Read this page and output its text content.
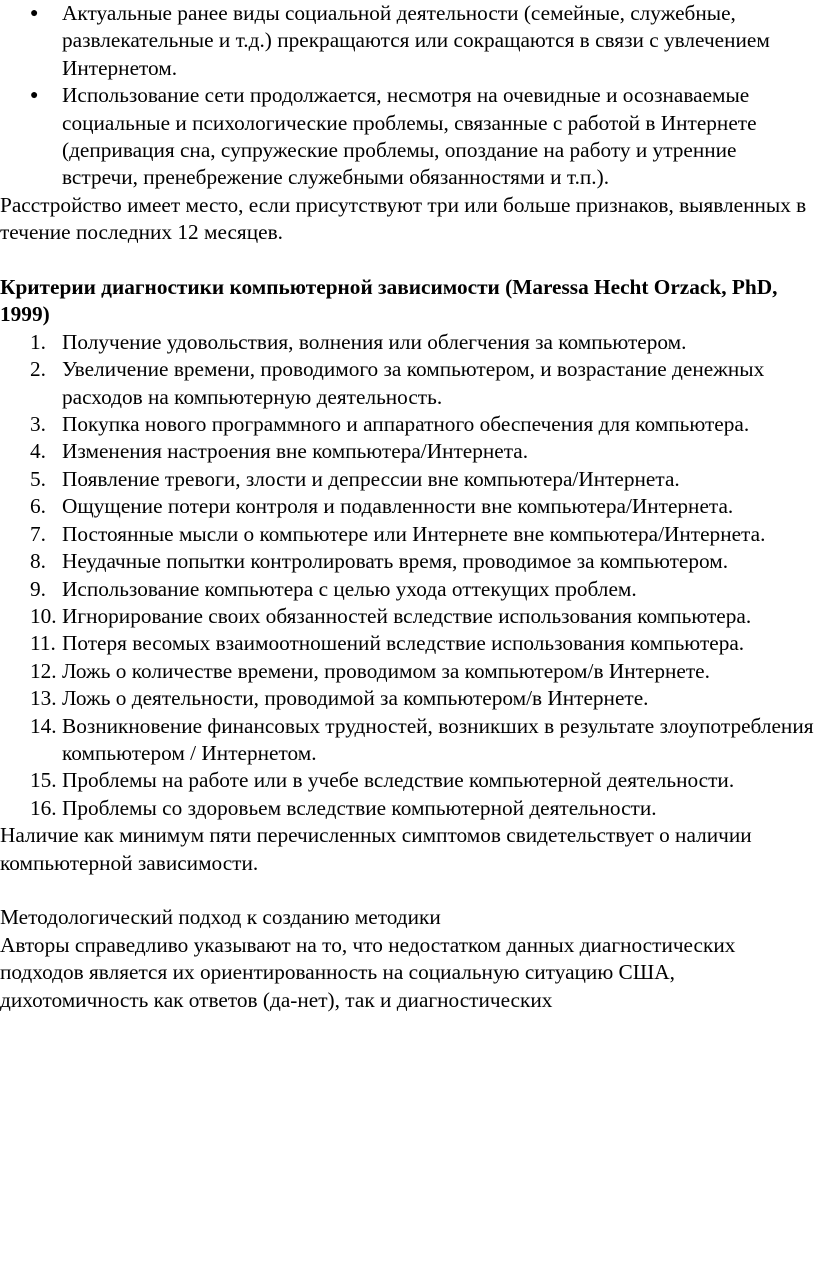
● Актуальные ранее виды социальной деятельности (семейные, служебные, развлекательные и т.д.) прекращаются или сокращаются в связи с увлечением Интернетом.
● Использование сети продолжается, несмотря на очевидные и осознаваемые социальные и психологические проблемы, связанные с работой в Интернете (депривация сна, супружеские проблемы, опоздание на работу и утренние встречи, пренебрежение служебными обязанностями и т.п.).

Расстройство имеет место, если присутствуют три или больше признаков, выявленных в течение последних 12 месяцев.

Критерии диагностики компьютерной зависимости (Maressa Hecht Orzack, PhD, 1999)

1. Получение удовольствия, волнения или облегчения за компьютером.
2. Увеличение времени, проводимого за компьютером, и возрастание денежных расходов на компьютерную деятельность.
3. Покупка нового программного и аппаратного обеспечения для компьютера.
4. Изменения настроения вне компьютера/Интернета.
5. Появление тревоги, злости и депрессии вне компьютера/Интернета.
6. Ощущение потери контроля и подавленности вне компьютера/Интернета.
7. Постоянные мысли о компьютере или Интернете вне компьютера/Интернета.
8. Неудачные попытки контролировать время, проводимое за компьютером.
9. Использование компьютера с целью ухода оттекущих проблем.
10. Игнорирование своих обязанностей вследствие использования компьютера.
11. Потеря весомых взаимоотношений вследствие использования компьютера.
12. Ложь о количестве времени, проводимом за компьютером/в Интернете.
13. Ложь о деятельности, проводимой за компьютером/в Интернете.
14. Возникновение финансовых трудностей, возникших в результате злоупотребления компьютером / Интернетом.
15. Проблемы на работе или в учебе вследствие компьютерной деятельности.
16. Проблемы со здоровьем вследствие компьютерной деятельности.

Наличие как минимум пяти перечисленных симптомов свидетельствует о наличии компьютерной зависимости.

Методологический подход к созданию методики

Авторы справедливо указывают на то, что недостатком данных диагностических подходов является их ориентированность на социальную ситуацию США, дихотомичность как ответов (да-нет), так и диагностических
